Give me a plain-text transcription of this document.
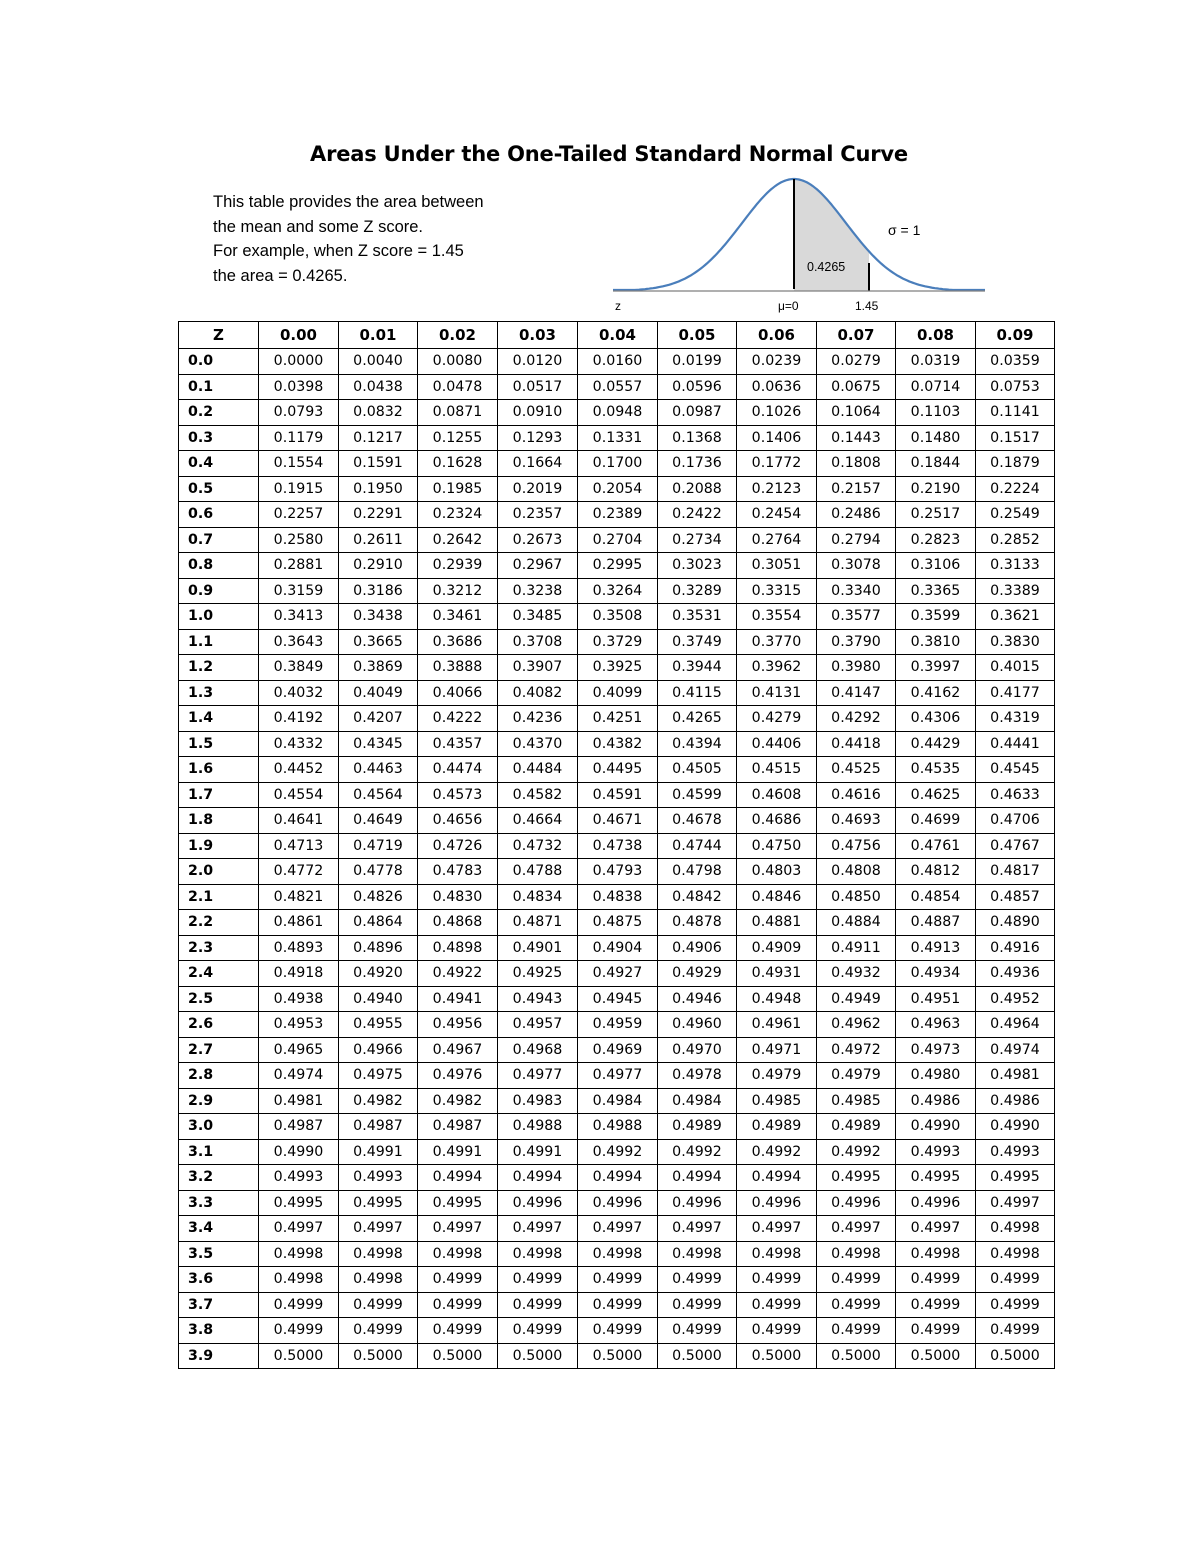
Areas Under the One-Tailed Standard Normal Curve
This table provides the area between
the mean and some Z score.
For example, when Z score = 1.45
the area = 0.4265.	0.4265
σ = 1
z	μ=0	1.45
Z	0.00	0.01	0.02	0.03	0.04	0.05	0.06	0.07	0.08	0.09
0.0	0.0000	0.0040	0.0080	0.0120	0.0160	0.0199	0.0239	0.0279	0.0319	0.0359
0.1	0.0398	0.0438	0.0478	0.0517	0.0557	0.0596	0.0636	0.0675	0.0714	0.0753
0.2	0.0793	0.0832	0.0871	0.0910	0.0948	0.0987	0.1026	0.1064	0.1103	0.1141
0.3	0.1179	0.1217	0.1255	0.1293	0.1331	0.1368	0.1406	0.1443	0.1480	0.1517
0.4	0.1554	0.1591	0.1628	0.1664	0.1700	0.1736	0.1772	0.1808	0.1844	0.1879
0.5	0.1915	0.1950	0.1985	0.2019	0.2054	0.2088	0.2123	0.2157	0.2190	0.2224
0.6	0.2257	0.2291	0.2324	0.2357	0.2389	0.2422	0.2454	0.2486	0.2517	0.2549
0.7	0.2580	0.2611	0.2642	0.2673	0.2704	0.2734	0.2764	0.2794	0.2823	0.2852
0.8	0.2881	0.2910	0.2939	0.2967	0.2995	0.3023	0.3051	0.3078	0.3106	0.3133
0.9	0.3159	0.3186	0.3212	0.3238	0.3264	0.3289	0.3315	0.3340	0.3365	0.3389
1.0	0.3413	0.3438	0.3461	0.3485	0.3508	0.3531	0.3554	0.3577	0.3599	0.3621
1.1	0.3643	0.3665	0.3686	0.3708	0.3729	0.3749	0.3770	0.3790	0.3810	0.3830
1.2	0.3849	0.3869	0.3888	0.3907	0.3925	0.3944	0.3962	0.3980	0.3997	0.4015
1.3	0.4032	0.4049	0.4066	0.4082	0.4099	0.4115	0.4131	0.4147	0.4162	0.4177
1.4	0.4192	0.4207	0.4222	0.4236	0.4251	0.4265	0.4279	0.4292	0.4306	0.4319
1.5	0.4332	0.4345	0.4357	0.4370	0.4382	0.4394	0.4406	0.4418	0.4429	0.4441
1.6	0.4452	0.4463	0.4474	0.4484	0.4495	0.4505	0.4515	0.4525	0.4535	0.4545
1.7	0.4554	0.4564	0.4573	0.4582	0.4591	0.4599	0.4608	0.4616	0.4625	0.4633
1.8	0.4641	0.4649	0.4656	0.4664	0.4671	0.4678	0.4686	0.4693	0.4699	0.4706
1.9	0.4713	0.4719	0.4726	0.4732	0.4738	0.4744	0.4750	0.4756	0.4761	0.4767
2.0	0.4772	0.4778	0.4783	0.4788	0.4793	0.4798	0.4803	0.4808	0.4812	0.4817
2.1	0.4821	0.4826	0.4830	0.4834	0.4838	0.4842	0.4846	0.4850	0.4854	0.4857
2.2	0.4861	0.4864	0.4868	0.4871	0.4875	0.4878	0.4881	0.4884	0.4887	0.4890
2.3	0.4893	0.4896	0.4898	0.4901	0.4904	0.4906	0.4909	0.4911	0.4913	0.4916
2.4	0.4918	0.4920	0.4922	0.4925	0.4927	0.4929	0.4931	0.4932	0.4934	0.4936
2.5	0.4938	0.4940	0.4941	0.4943	0.4945	0.4946	0.4948	0.4949	0.4951	0.4952
2.6	0.4953	0.4955	0.4956	0.4957	0.4959	0.4960	0.4961	0.4962	0.4963	0.4964
2.7	0.4965	0.4966	0.4967	0.4968	0.4969	0.4970	0.4971	0.4972	0.4973	0.4974
2.8	0.4974	0.4975	0.4976	0.4977	0.4977	0.4978	0.4979	0.4979	0.4980	0.4981
2.9	0.4981	0.4982	0.4982	0.4983	0.4984	0.4984	0.4985	0.4985	0.4986	0.4986
3.0	0.4987	0.4987	0.4987	0.4988	0.4988	0.4989	0.4989	0.4989	0.4990	0.4990
3.1	0.4990	0.4991	0.4991	0.4991	0.4992	0.4992	0.4992	0.4992	0.4993	0.4993
3.2	0.4993	0.4993	0.4994	0.4994	0.4994	0.4994	0.4994	0.4995	0.4995	0.4995
3.3	0.4995	0.4995	0.4995	0.4996	0.4996	0.4996	0.4996	0.4996	0.4996	0.4997
3.4	0.4997	0.4997	0.4997	0.4997	0.4997	0.4997	0.4997	0.4997	0.4997	0.4998
3.5	0.4998	0.4998	0.4998	0.4998	0.4998	0.4998	0.4998	0.4998	0.4998	0.4998
3.6	0.4998	0.4998	0.4999	0.4999	0.4999	0.4999	0.4999	0.4999	0.4999	0.4999
3.7	0.4999	0.4999	0.4999	0.4999	0.4999	0.4999	0.4999	0.4999	0.4999	0.4999
3.8	0.4999	0.4999	0.4999	0.4999	0.4999	0.4999	0.4999	0.4999	0.4999	0.4999
3.9	0.5000	0.5000	0.5000	0.5000	0.5000	0.5000	0.5000	0.5000	0.5000	0.5000
